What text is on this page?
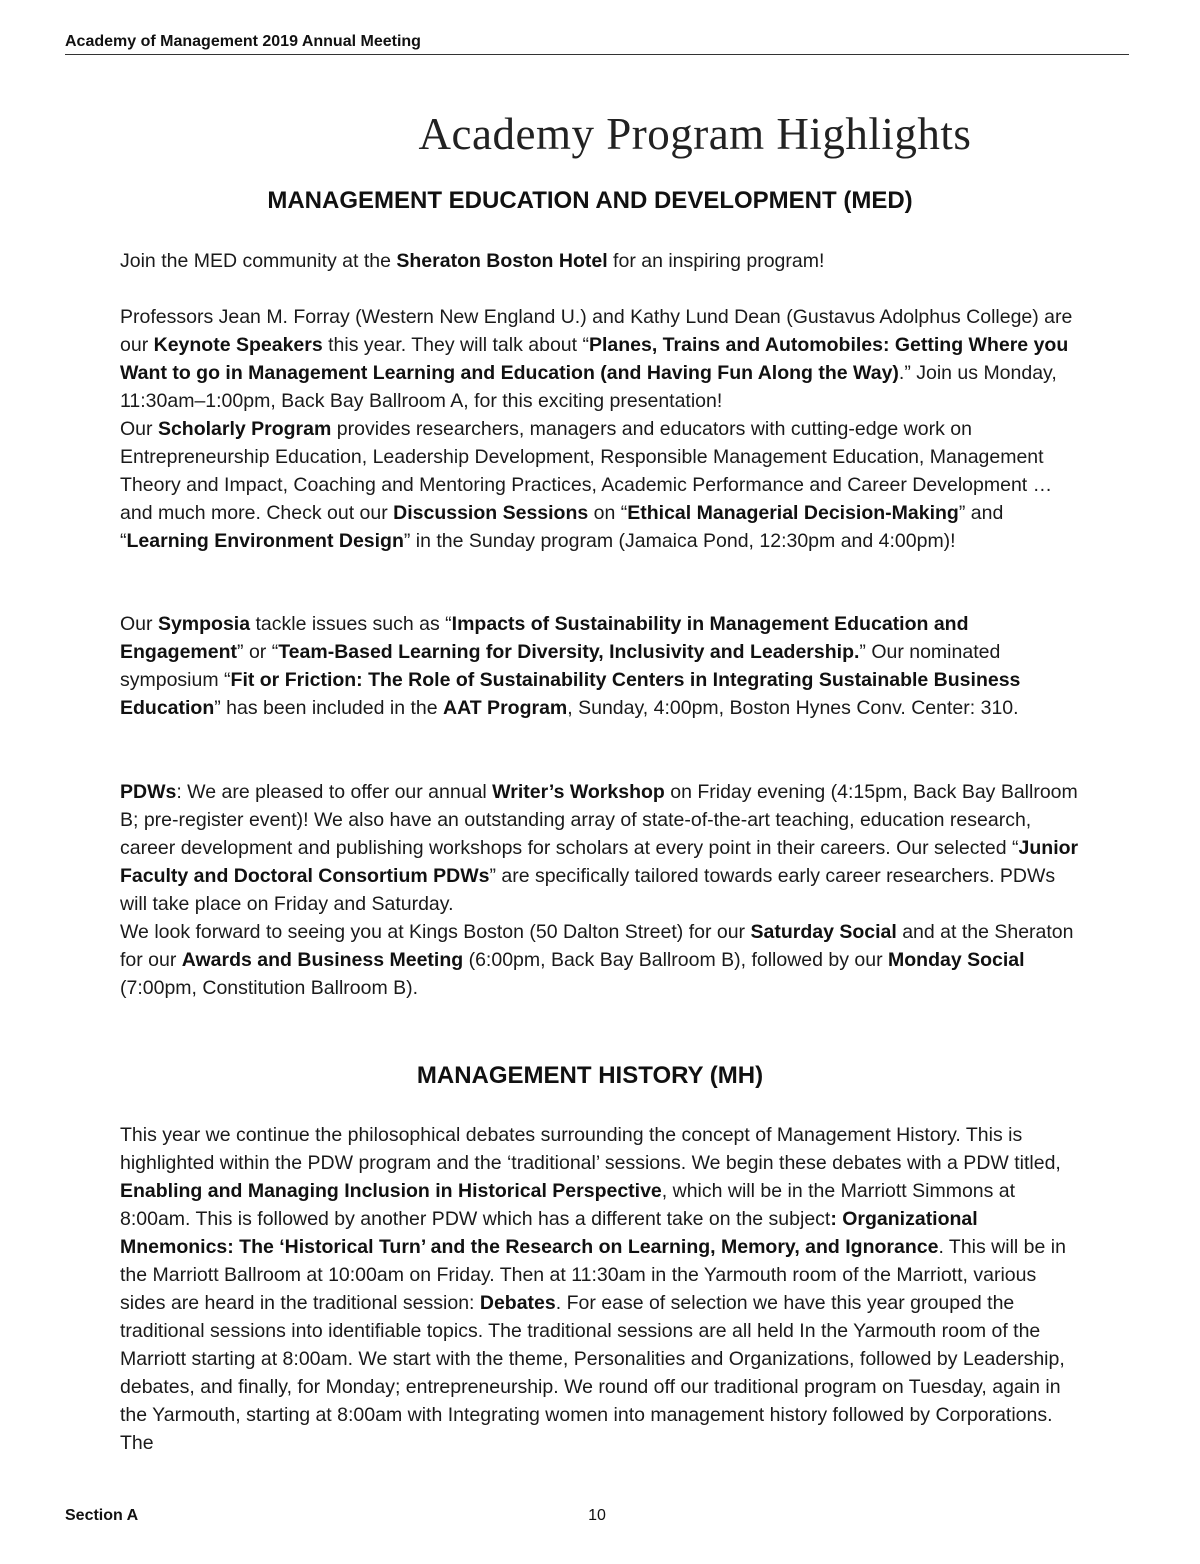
Academy of Management 2019 Annual Meeting
Academy Program Highlights
MANAGEMENT EDUCATION AND DEVELOPMENT (MED)

Join the MED community at the Sheraton Boston Hotel for an inspiring program!

Professors Jean M. Forray (Western New England U.) and Kathy Lund Dean (Gustavus Adolphus College) are our Keynote Speakers this year. They will talk about “Planes, Trains and Automobiles: Getting Where you Want to go in Management Learning and Education (and Having Fun Along the Way).” Join us Monday, 11:30am–1:00pm, Back Bay Ballroom A, for this exciting presentation!

Our Scholarly Program provides researchers, managers and educators with cutting-edge work on Entrepreneurship Education, Leadership Development, Responsible Management Education, Management Theory and Impact, Coaching and Mentoring Practices, Academic Performance and Career Development … and much more. Check out our Discussion Sessions on “Ethical Managerial Decision-Making” and “Learning Environment Design” in the Sunday program (Jamaica Pond, 12:30pm and 4:00pm)!

Our Symposia tackle issues such as “Impacts of Sustainability in Management Education and Engagement” or “Team-Based Learning for Diversity, Inclusivity and Leadership.” Our nominated symposium “Fit or Friction: The Role of Sustainability Centers in Integrating Sustainable Business Education” has been included in the AAT Program, Sunday, 4:00pm, Boston Hynes Conv. Center: 310.

PDWs: We are pleased to offer our annual Writer’s Workshop on Friday evening (4:15pm, Back Bay Ballroom B; pre-register event)! We also have an outstanding array of state-of-the-art teaching, education research, career development and publishing workshops for scholars at every point in their careers. Our selected “Junior Faculty and Doctoral Consortium PDWs” are specifically tailored towards early career researchers. PDWs will take place on Friday and Saturday.

We look forward to seeing you at Kings Boston (50 Dalton Street) for our Saturday Social and at the Sheraton for our Awards and Business Meeting (6:00pm, Back Bay Ballroom B), followed by our Monday Social (7:00pm, Constitution Ballroom B).

MANAGEMENT HISTORY (MH)

This year we continue the philosophical debates surrounding the concept of Management History. This is highlighted within the PDW program and the ‘traditional’ sessions. We begin these debates with a PDW titled, Enabling and Managing Inclusion in Historical Perspective, which will be in the Marriott Simmons at 8:00am. This is followed by another PDW which has a different take on the subject: Organizational Mnemonics: The ‘Historical Turn’ and the Research on Learning, Memory, and Ignorance. This will be in the Marriott Ballroom at 10:00am on Friday. Then at 11:30am in the Yarmouth room of the Marriott, various sides are heard in the traditional session: Debates. For ease of selection we have this year grouped the traditional sessions into identifiable topics. The traditional sessions are all held In the Yarmouth room of the Marriott starting at 8:00am. We start with the theme, Personalities and Organizations, followed by Leadership, debates, and finally, for Monday; entrepreneurship. We round off our traditional program on Tuesday, again in the Yarmouth, starting at 8:00am with Integrating women into management history followed by Corporations. The

Section A	10
